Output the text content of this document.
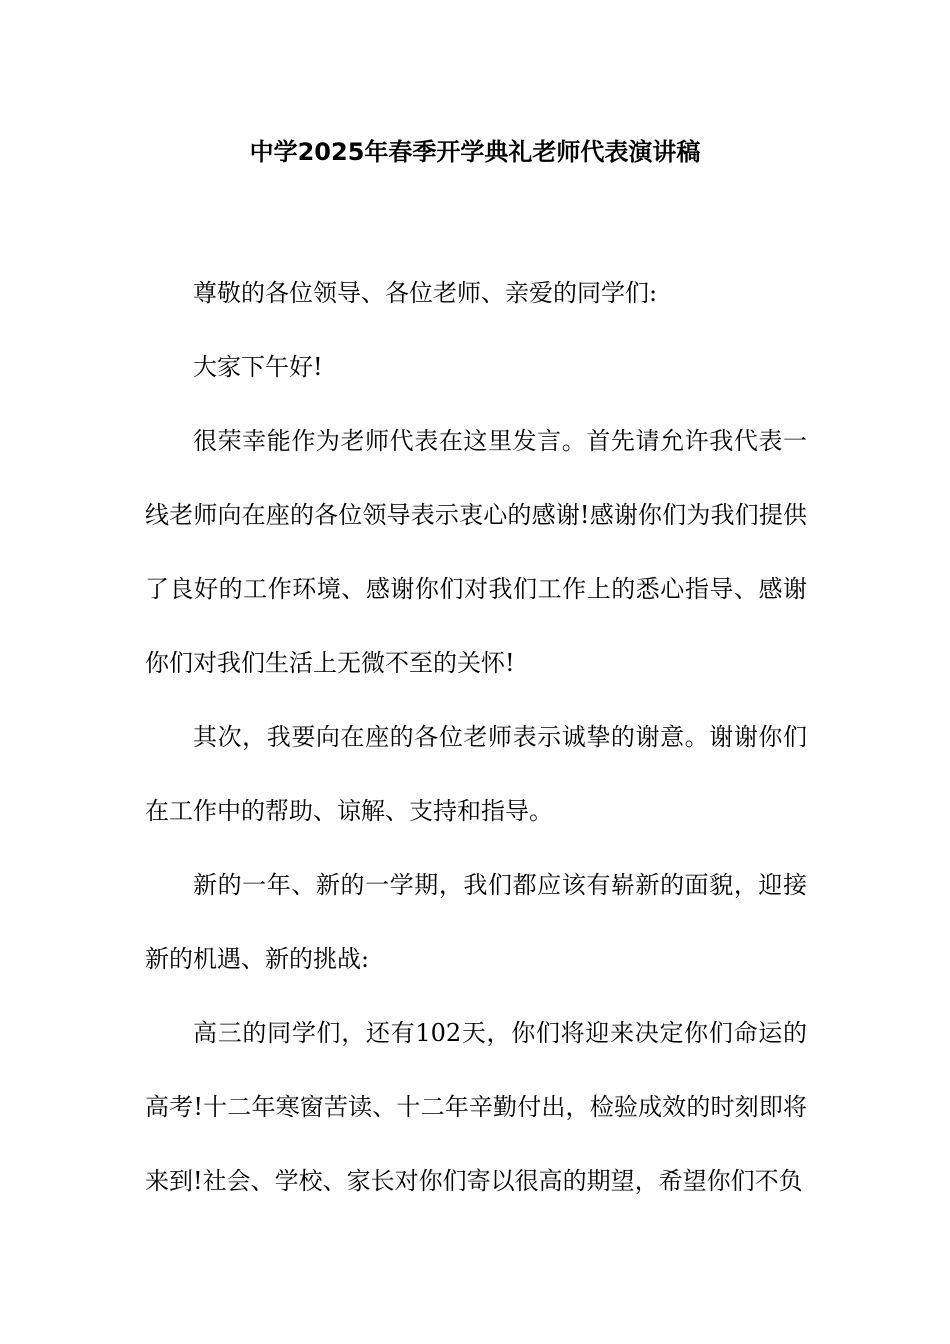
中学2025年春季开学典礼老师代表演讲稿

尊敬的各位领导、各位老师、亲爱的同学们:

大家下午好!

很荣幸能作为老师代表在这里发言。首先请允许我代表一线老师向在座的各位领导表示衷心的感谢!感谢你们为我们提供了良好的工作环境、感谢你们对我们工作上的悉心指导、感谢你们对我们生活上无微不至的关怀!

其次，我要向在座的各位老师表示诚挚的谢意。谢谢你们在工作中的帮助、谅解、支持和指导。

新的一年、新的一学期，我们都应该有崭新的面貌，迎接新的机遇、新的挑战:

高三的同学们，还有102天，你们将迎来决定你们命运的高考!十二年寒窗苦读、十二年辛勤付出，检验成效的时刻即将来到!社会、学校、家长对你们寄以很高的期望，希望你们不负
